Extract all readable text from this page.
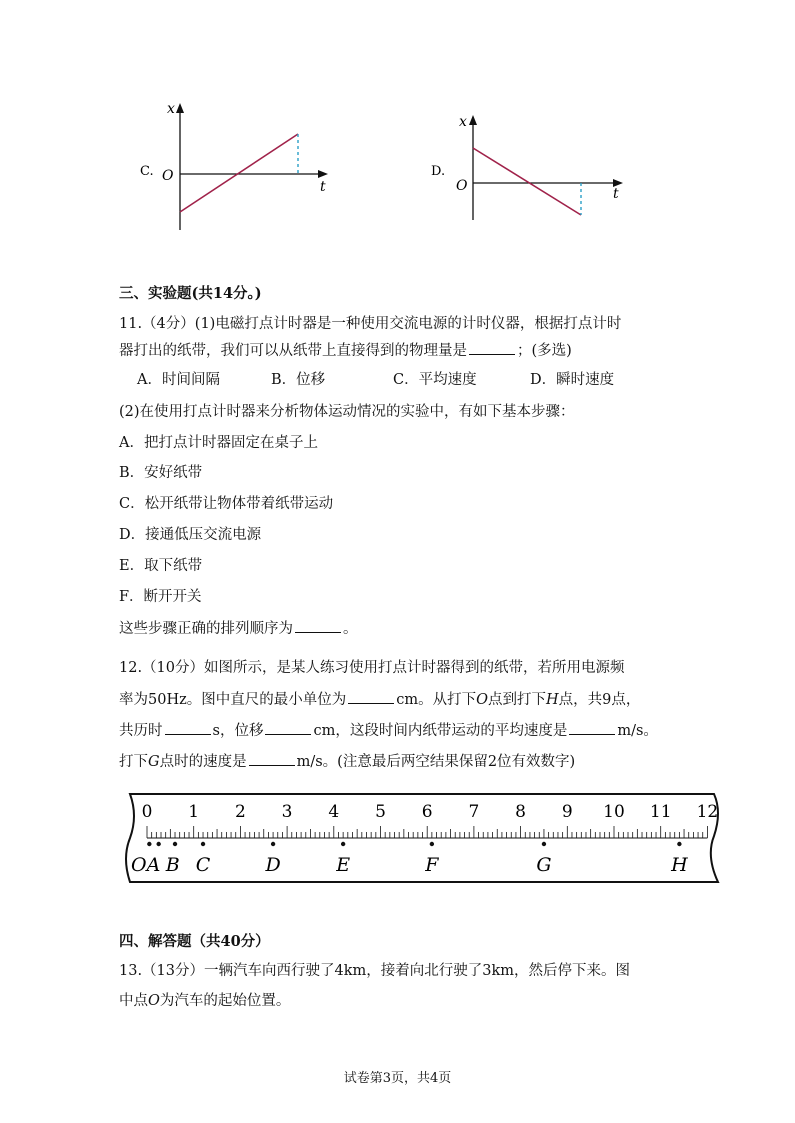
C.
x
t
O	D.
x
t
O
三、实验题(共14分。)
11.（4分）(1)电磁打点计时器是一种使用交流电源的计时仪器，根据打点计时
器打出的纸带，我们可以从纸带上直接得到的物理量是	；(多选)
A．时间间隔	B．位移	C．平均速度	D．瞬时速度
(2)在使用打点计时器来分析物体运动情况的实验中，有如下基本步骤：
A．把打点计时器固定在桌子上
B．安好纸带
C．松开纸带让物体带着纸带运动
D．接通低压交流电源
E．取下纸带
F．断开开关
这些步骤正确的排列顺序为	。
12.（10分）如图所示，是某人练习使用打点计时器得到的纸带，若所用电源频
率为50Hz。图中直尺的最小单位为	cm。从打下O点到打下H点，共9点，
共历时	s，位移	cm，这段时间内纸带运动的平均速度是	m/s。
打下G点时的速度是	m/s。(注意最后两空结果保留2位有效数字)
0 1 2 3 4 5 6 7 8 9 10 11 12
OA B C	D	E	F	G	H
四、解答题（共40分）
13.（13分）一辆汽车向西行驶了4km，接着向北行驶了3km，然后停下来。图
中点O为汽车的起始位置。
试卷第3页，共4页
